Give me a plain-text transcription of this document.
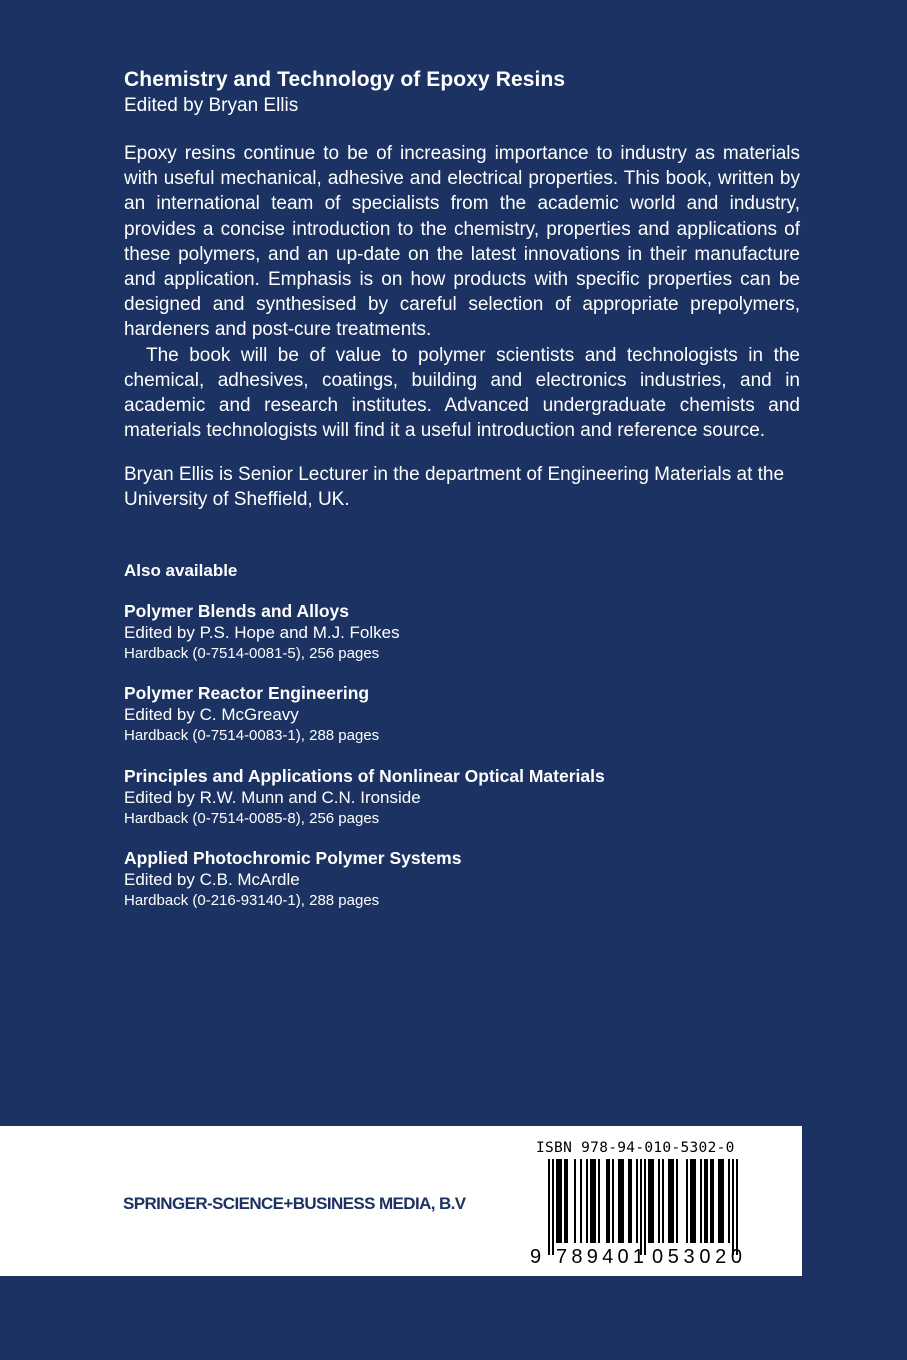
Chemistry and Technology of Epoxy Resins
Edited by Bryan Ellis

Epoxy resins continue to be of increasing importance to industry as materials with useful mechanical, adhesive and electrical properties. This book, written by an international team of specialists from the academic world and industry, provides a concise introduction to the chemistry, properties and applications of these polymers, and an up-date on the latest innovations in their manufacture and application. Emphasis is on how products with specific properties can be designed and synthesised by careful selection of appropriate prepolymers, hardeners and post-cure treatments.

The book will be of value to polymer scientists and technologists in the chemical, adhesives, coatings, building and electronics industries, and in academic and research institutes. Advanced undergraduate chemists and materials technologists will find it a useful introduction and reference source.

Bryan Ellis is Senior Lecturer in the department of Engineering Materials at the University of Sheffield, UK.
Also available
Polymer Blends and Alloys
Edited by P.S. Hope and M.J. Folkes
Hardback (0-7514-0081-5), 256 pages
Polymer Reactor Engineering
Edited by C. McGreavy
Hardback (0-7514-0083-1), 288 pages
Principles and Applications of Nonlinear Optical Materials
Edited by R.W. Munn and C.N. Ironside
Hardback (0-7514-0085-8), 256 pages
Applied Photochromic Polymer Systems
Edited by C.B. McArdle
Hardback (0-216-93140-1), 288 pages
SPRINGER-SCIENCE+BUSINESS MEDIA, B.V
ISBN 978-94-010-5302-0
9 789401 053020
